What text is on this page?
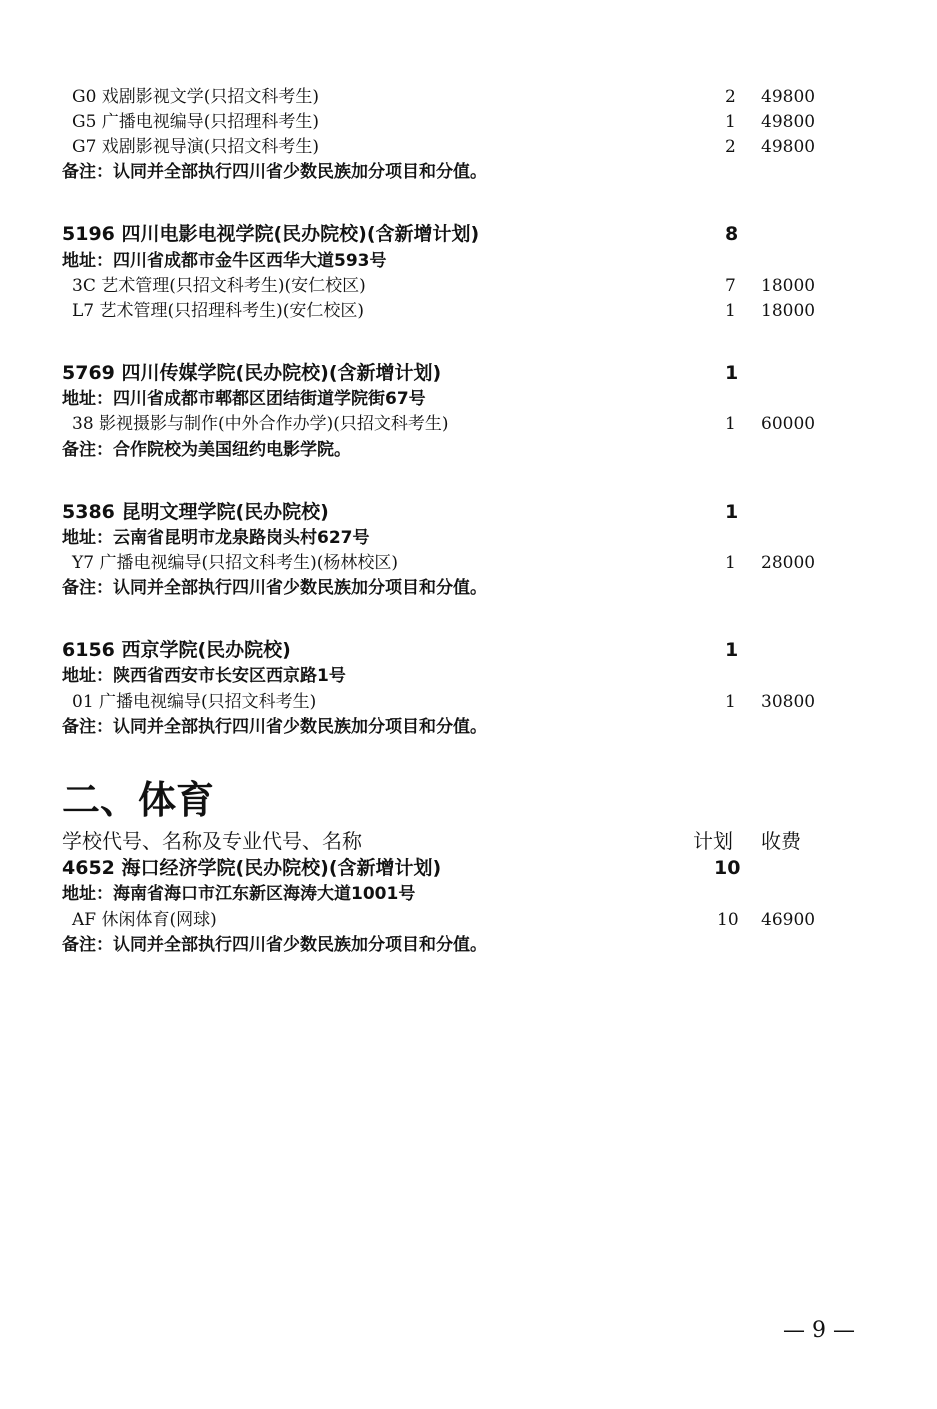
G0 戏剧影视文学(只招文科考生)	2 49800
G5 广播电视编导(只招理科考生)	1 49800
G7 戏剧影视导演(只招文科考生)	2 49800
备注：认同并全部执行四川省少数民族加分项目和分值。
5196 四川电影电视学院(民办院校)(含新增计划)	8
地址：四川省成都市金牛区西华大道593号
3C 艺术管理(只招文科考生)(安仁校区)	7 18000
L7 艺术管理(只招理科考生)(安仁校区)	1 18000
5769 四川传媒学院(民办院校)(含新增计划)	1
地址：四川省成都市郫都区团结街道学院街67号
38 影视摄影与制作(中外合作办学)(只招文科考生)	1 60000
备注：合作院校为美国纽约电影学院。
5386 昆明文理学院(民办院校)	1
地址：云南省昆明市龙泉路岗头村627号
Y7 广播电视编导(只招文科考生)(杨林校区)	1 28000
备注：认同并全部执行四川省少数民族加分项目和分值。
6156 西京学院(民办院校)	1
地址：陕西省西安市长安区西京路1号
01 广播电视编导(只招文科考生)	1 30800
备注：认同并全部执行四川省少数民族加分项目和分值。
二、体育
学校代号、名称及专业代号、名称	计划 收费
4652 海口经济学院(民办院校)(含新增计划)	10
地址：海南省海口市江东新区海涛大道1001号
AF 休闲体育(网球)	10 46900
备注：认同并全部执行四川省少数民族加分项目和分值。
— 9 —
